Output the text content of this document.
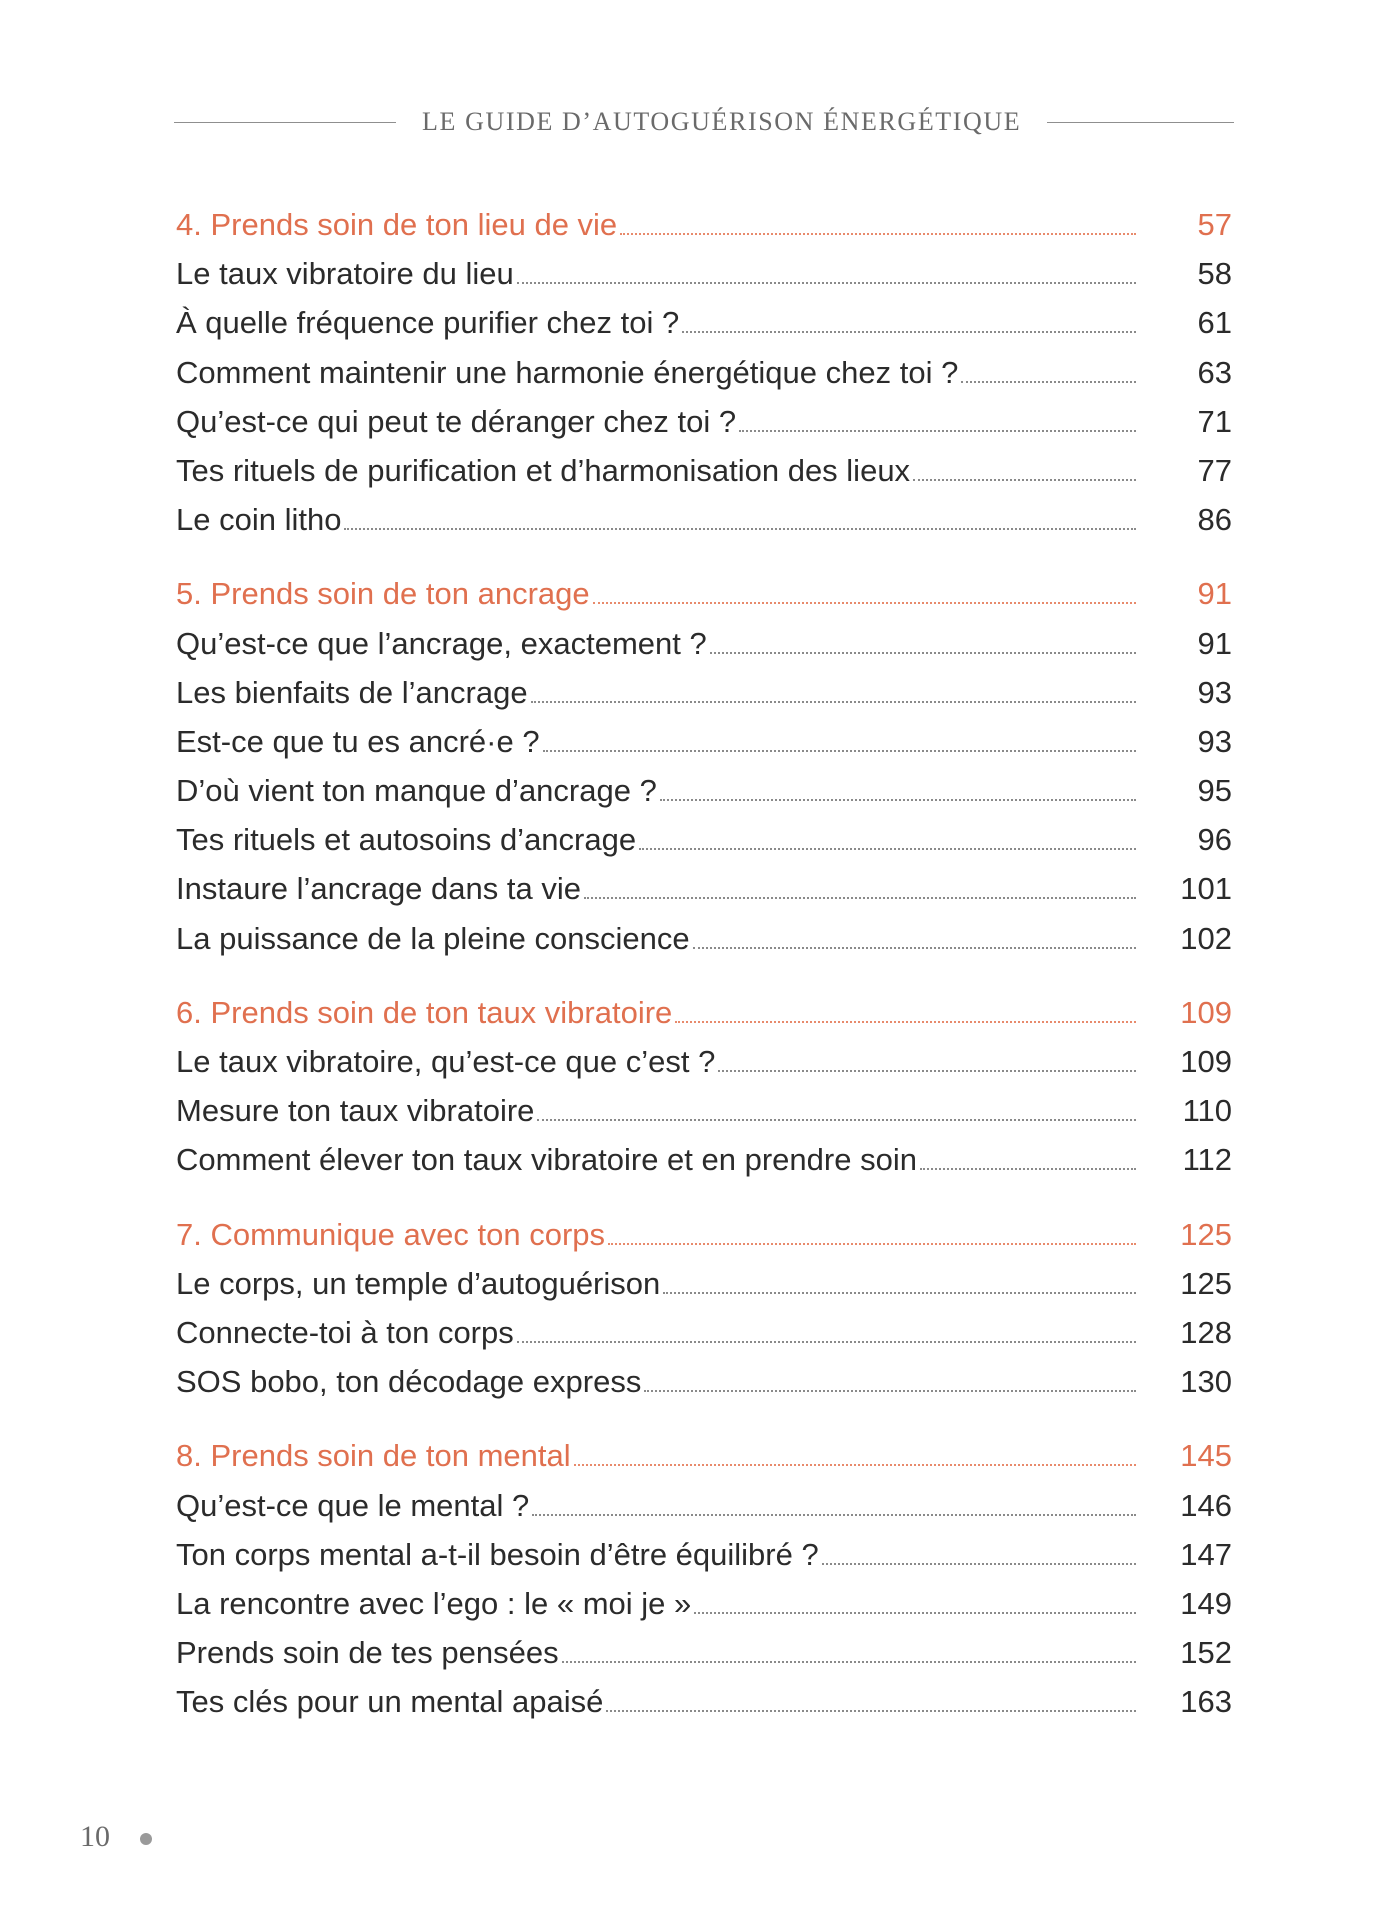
LE GUIDE D’AUTOGUÉRISON ÉNERGÉTIQUE
4. Prends soin de ton lieu de vie	57
Le taux vibratoire du lieu	58
À quelle fréquence purifier chez toi ?	61
Comment maintenir une harmonie énergétique chez toi ?	63
Qu’est-ce qui peut te déranger chez toi ?	71
Tes rituels de purification et d’harmonisation des lieux	77
Le coin litho	86
5. Prends soin de ton ancrage	91
Qu’est-ce que l’ancrage, exactement ?	91
Les bienfaits de l’ancrage	93
Est-ce que tu es ancré·e ?	93
D’où vient ton manque d’ancrage ?	95
Tes rituels et autosoins d’ancrage	96
Instaure l’ancrage dans ta vie	101
La puissance de la pleine conscience	102
6. Prends soin de ton taux vibratoire	109
Le taux vibratoire, qu’est-ce que c’est ?	109
Mesure ton taux vibratoire	110
Comment élever ton taux vibratoire et en prendre soin	112
7. Communique avec ton corps	125
Le corps, un temple d’autoguérison	125
Connecte-toi à ton corps	128
SOS bobo, ton décodage express	130
8. Prends soin de ton mental	145
Qu’est-ce que le mental ?	146
Ton corps mental a-t-il besoin d’être équilibré ?	147
La rencontre avec l’ego : le « moi je »	149
Prends soin de tes pensées	152
Tes clés pour un mental apaisé	163
10
